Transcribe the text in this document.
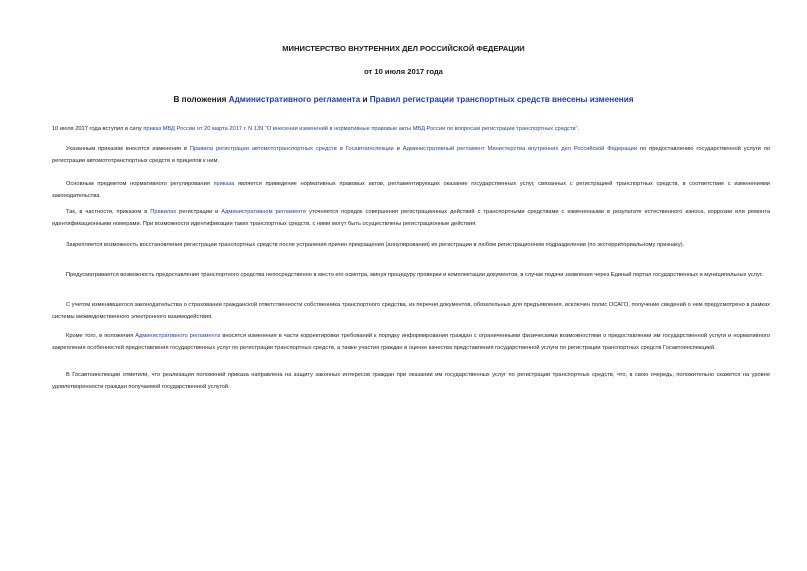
МИНИСТЕРСТВО ВНУТРЕННИХ ДЕЛ РОССИЙСКОЙ ФЕДЕРАЦИИ
от 10 июля 2017 года
В положения Административного регламента и Правил регистрации транспортных средств внесены изменения
10 июля 2017 года вступил в силу приказ МВД России от 20 марта 2017 г. N 139 "О внесении изменений в нормативные правовые акты МВД России по вопросам регистрации транспортных средств".
Указанным приказом вносятся изменения в Правила регистрации автомототранспортных средств в Госавтоинспекции и Административный регламент Министерства внутренних дел Российской Федерации по предоставлению государственной услуги по регистрации автомототранспортных средств и прицепов к ним.
Основным предметом нормативного регулирования приказа является приведение нормативных правовых актов, регламентирующих оказание государственных услуг, связанных с регистрацией транспортных средств, в соответствие с изменениями законодательства.
Так, в частности, приказом в Правилах регистрации и Административном регламенте уточняется порядок совершения регистрационных действий с транспортными средствами с измененными в результате естественного износа, коррозии или ремонта идентификационными номерами. При возможности идентификации таких транспортных средств, с ними могут быть осуществлены регистрационные действия.
Закрепляется возможность восстановления регистрации транспортных средств после устранения причин прекращения (аннулирования) их регистрации в любом регистрационном подразделении (по экстерриториальному признаку).
Предусматривается возможность предоставления транспортного средства непосредственно в место его осмотра, минуя процедуру проверки и комплектации документов, в случае подачи заявления через Единый портал государственных и муниципальных услуг.
С учетом изменившегося законодательства о страховании гражданской ответственности собственника транспортного средства, из перечня документов, обязательных для предъявления, исключен полис ОСАГО, получение сведений о нем предусмотрено в рамках системы межведомственного электронного взаимодействия.
Кроме того, в положения Административного регламента вносятся изменения в части корректировки требований к порядку информирования граждан с ограниченными физическими возможностями о предоставлении им государственной услуги и нормативного закрепления особенностей предоставления государственных услуг по регистрации транспортных средств, а также участия граждан в оценке качества представления государственной услуги по регистрации транспортных средств Госавтоинспекцией.
В Госавтоинспекции отметили, что реализация положений приказа направлена на защиту законных интересов граждан при оказании им государственных услуг по регистрации транспортных средств, что, в свою очередь, положительно скажется на уровне удовлетворенности граждан получаемой государственной услугой.
